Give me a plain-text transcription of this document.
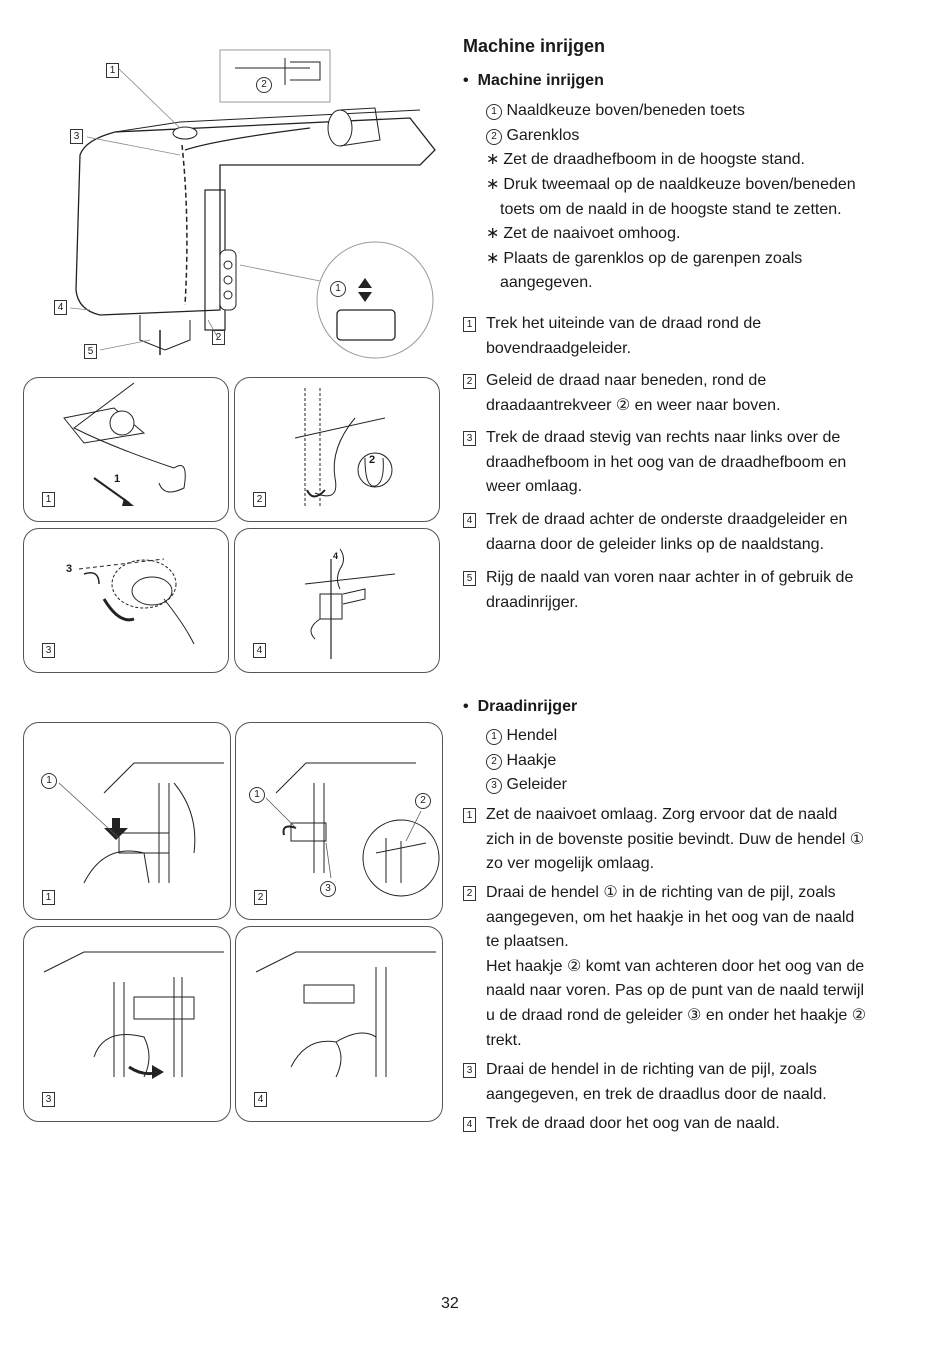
1
3
4
5
2
2
1
1
1
2
2
3
3
4
4
1
1
1
2
3
2
3	4
Machine inrijgen
• Machine inrijgen
1 Naaldkeuze boven/beneden toets
2 Garenklos
∗ Zet de draadhefboom in de hoogste stand.
∗ Druk tweemaal op de naaldkeuze boven/beneden
toets om de naald in de hoogste stand te zetten.
∗ Zet de naaivoet omhoog.
∗ Plaats de garenklos op de garenpen zoals
aangegeven.
1 Trek het uiteinde van de draad rond de
bovendraadgeleider.
2 Geleid de draad naar beneden, rond de
draadaantrekveer ② en weer naar boven.
3 Trek de draad stevig van rechts naar links over de
draadhefboom in het oog van de draadhefboom en
weer omlaag.
4 Trek de draad achter de onderste draadgeleider en
daarna door de geleider links op de naaldstang.
5 Rijg de naald van voren naar achter in of gebruik de
draadinrijger.
• Draadinrijger
1 Hendel
2 Haakje
3 Geleider
1 Zet de naaivoet omlaag. Zorg ervoor dat de naald
zich in de bovenste positie bevindt. Duw de hendel ①
zo ver mogelijk omlaag.
2 Draai de hendel ① in de richting van de pijl, zoals
aangegeven, om het haakje in het oog van de naald
te plaatsen.
Het haakje ② komt van achteren door het oog van de
naald naar voren. Pas op de punt van de naald terwijl
u de draad rond de geleider ③ en onder het haakje ②
trekt.
3 Draai de hendel in de richting van de pijl, zoals
aangegeven, en trek de draadlus door de naald.
4 Trek de draad door het oog van de naald.
32
